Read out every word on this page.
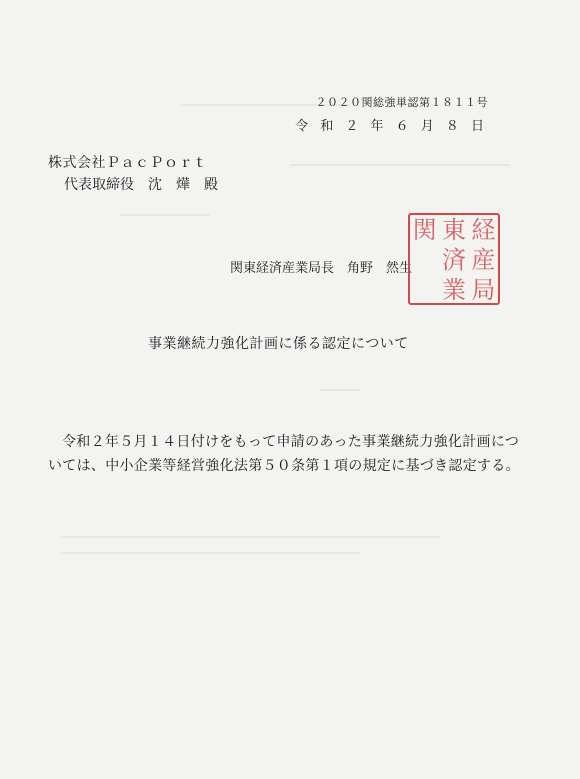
２０２０関総強単認第１８１１号
令 和 ２ 年 ６ 月 ８ 日
株式会社ＰａｃＰｏｒｔ
代表取締役　沈　燁　殿
関東経済産業局長　角野　然生
関 東 経
済 産
業 局
事業継続力強化計画に係る認定について
令和２年５月１４日付けをもって申請のあった事業継続力強化計画については、中小企業等経営強化法第５０条第１項の規定に基づき認定する。
